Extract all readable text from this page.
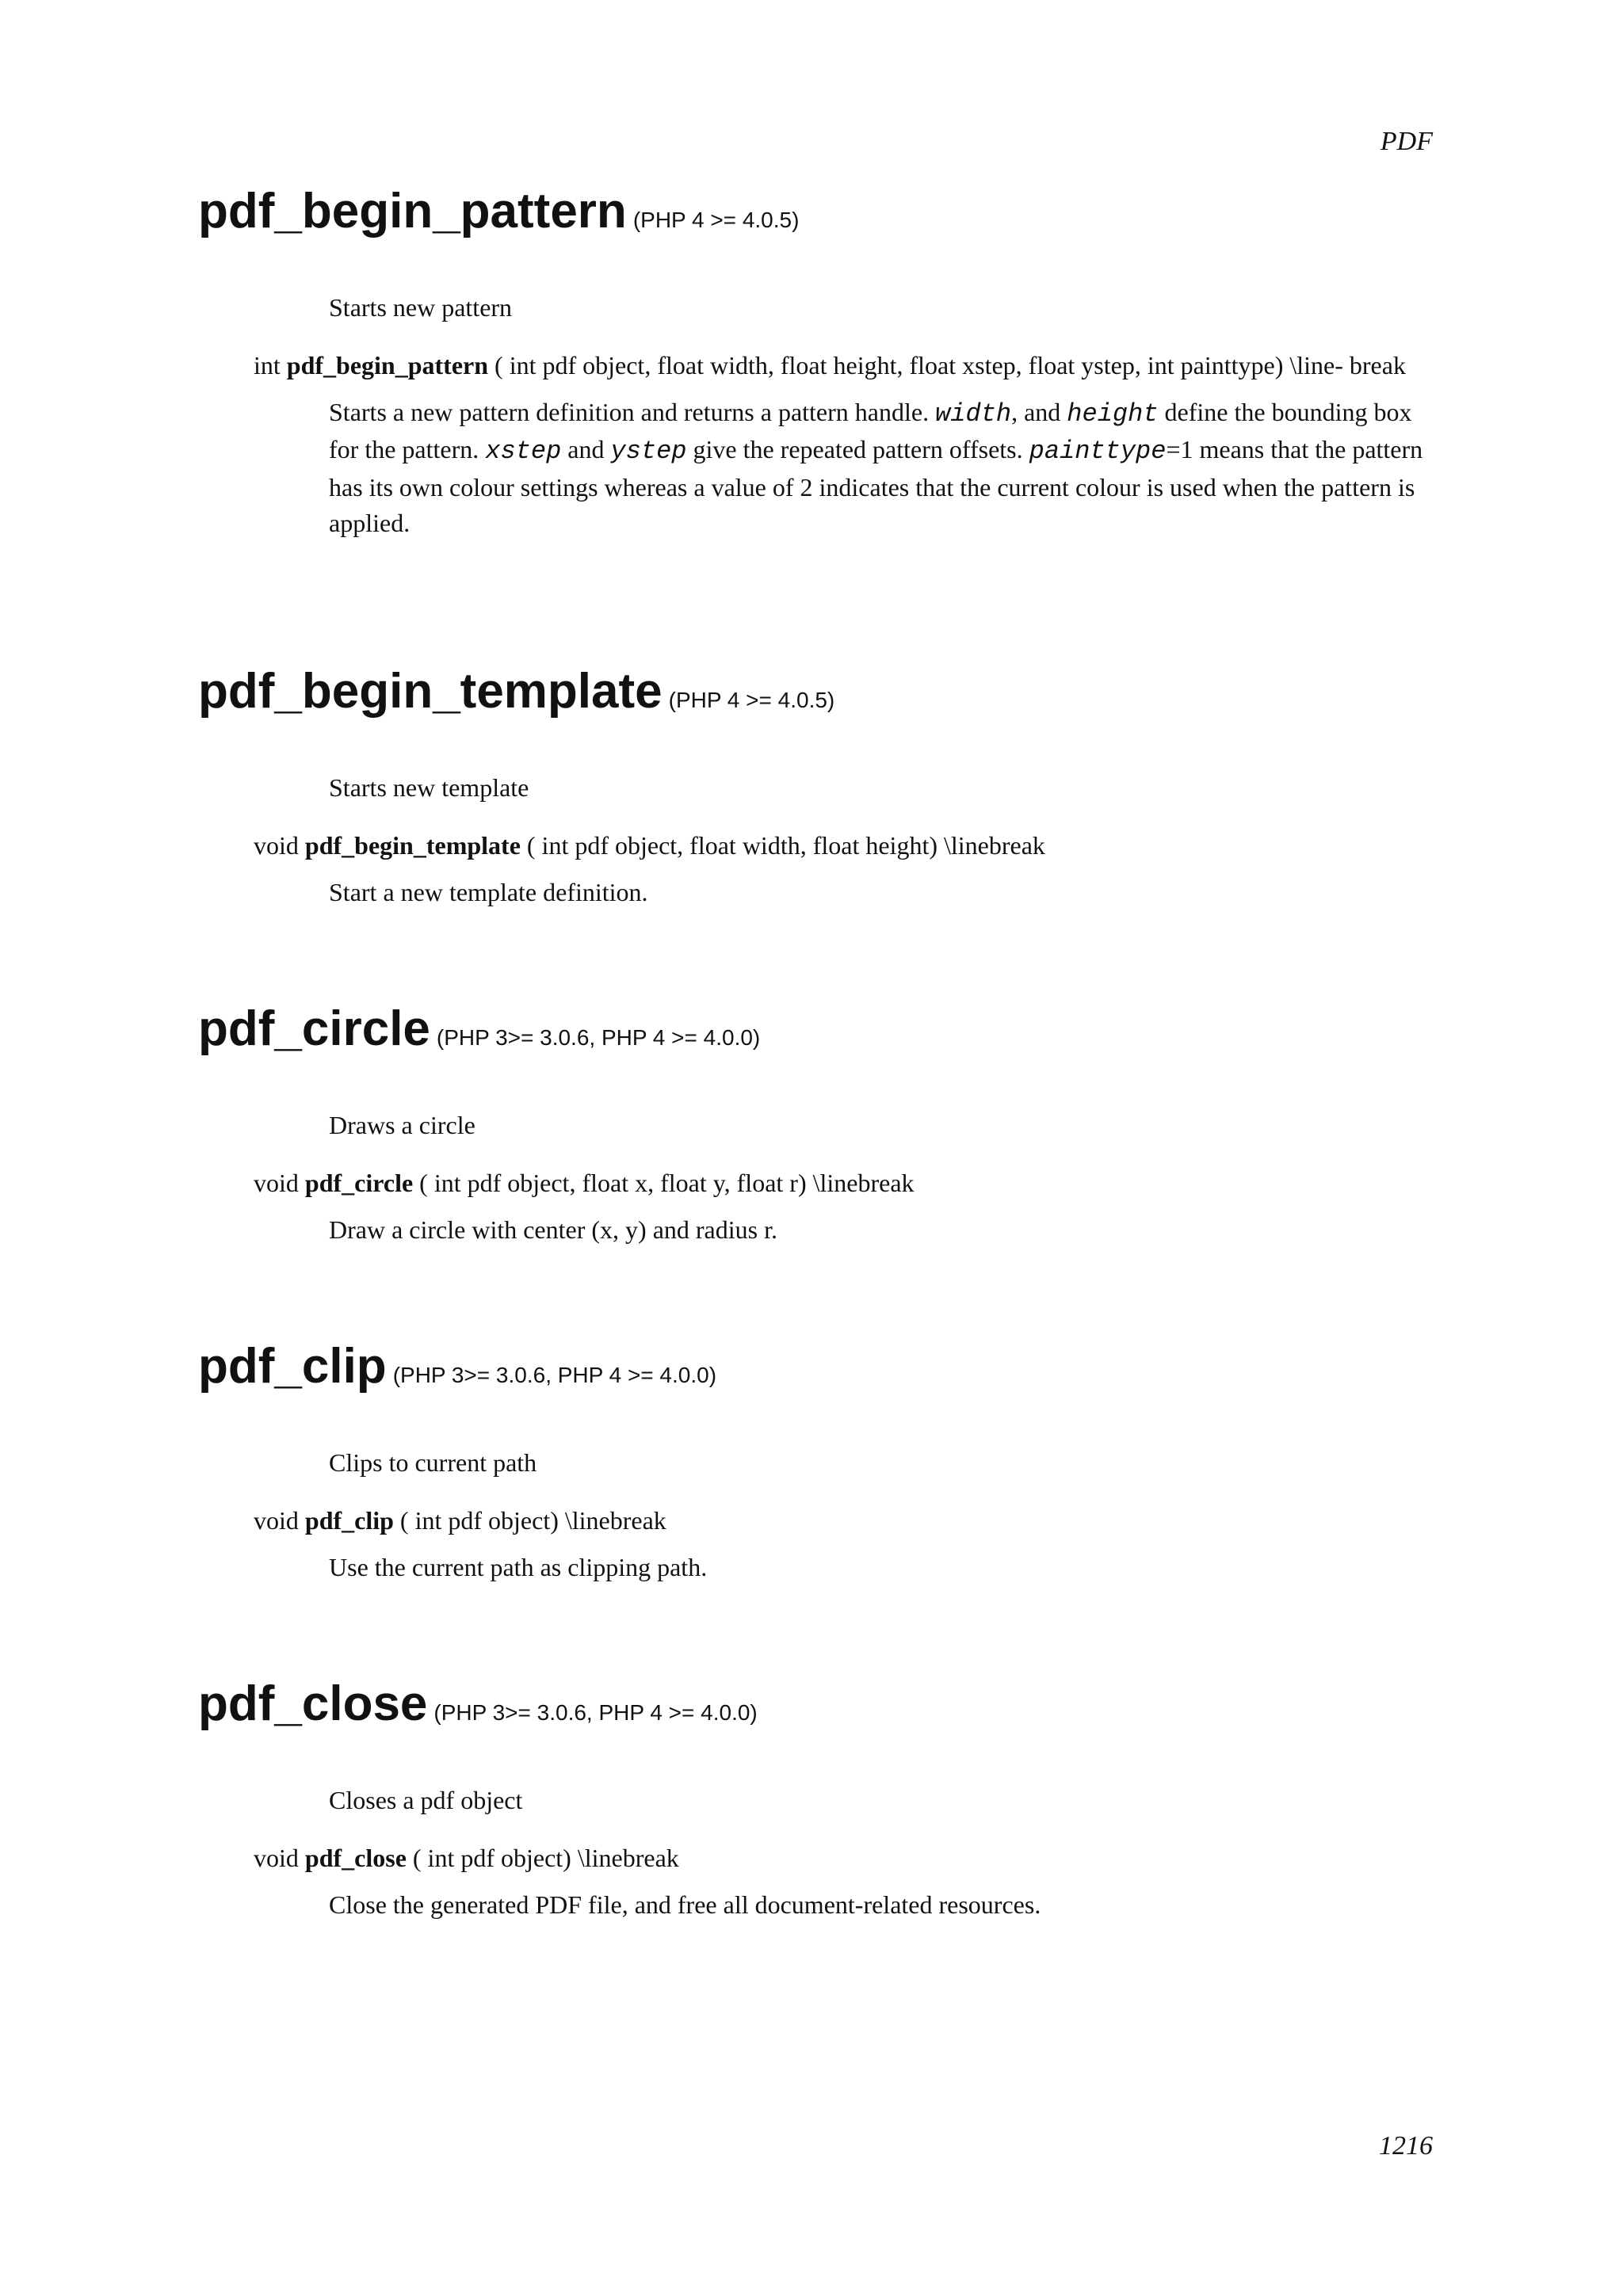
PDF
pdf_begin_pattern (PHP 4 >= 4.0.5)
Starts new pattern
int pdf_begin_pattern ( int pdf object, float width, float height, float xstep, float ystep, int painttype) \line- break
Starts a new pattern definition and returns a pattern handle. width, and height define the bounding box for the pattern. xstep and ystep give the repeated pattern offsets. painttype=1 means that the pattern has its own colour settings whereas a value of 2 indicates that the current colour is used when the pattern is applied.
pdf_begin_template (PHP 4 >= 4.0.5)
Starts new template
void pdf_begin_template ( int pdf object, float width, float height) \linebreak
Start a new template definition.
pdf_circle (PHP 3>= 3.0.6, PHP 4 >= 4.0.0)
Draws a circle
void pdf_circle ( int pdf object, float x, float y, float r) \linebreak
Draw a circle with center (x, y) and radius r.
pdf_clip (PHP 3>= 3.0.6, PHP 4 >= 4.0.0)
Clips to current path
void pdf_clip ( int pdf object) \linebreak
Use the current path as clipping path.
pdf_close (PHP 3>= 3.0.6, PHP 4 >= 4.0.0)
Closes a pdf object
void pdf_close ( int pdf object) \linebreak
Close the generated PDF file, and free all document-related resources.
1216
